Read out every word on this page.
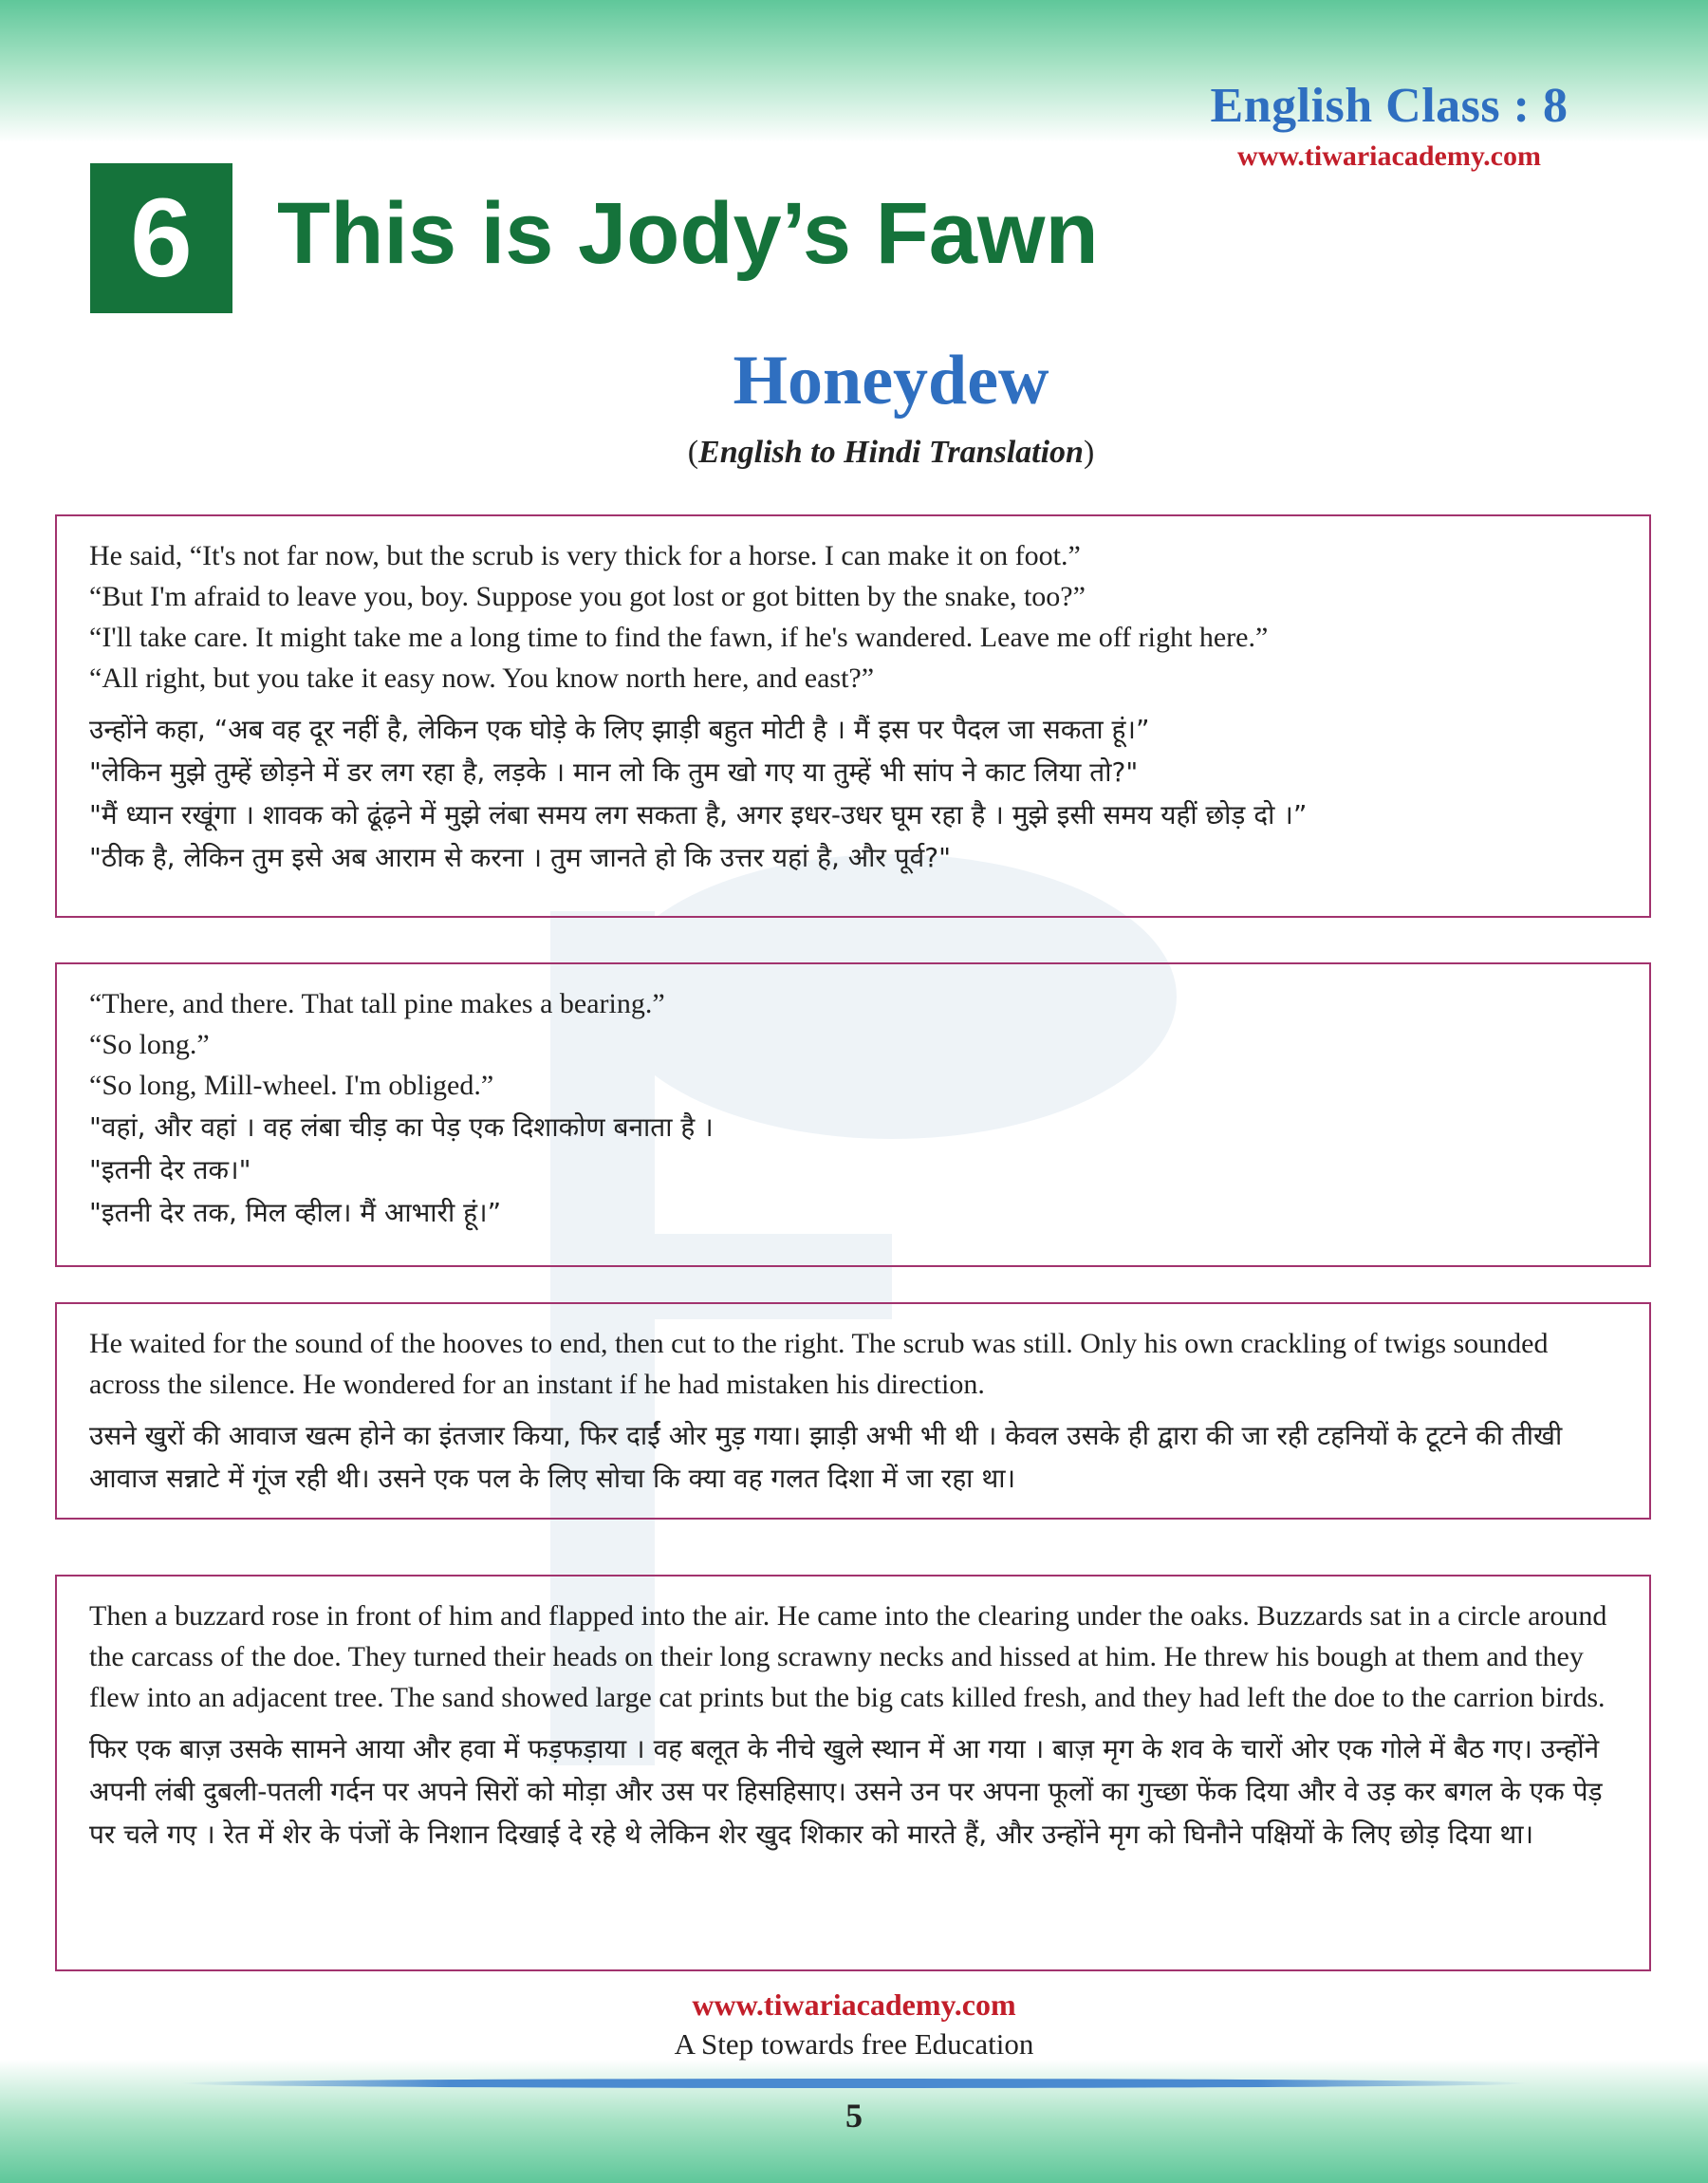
English Class : 8
www.tiwariacademy.com
6 This is Jody’s Fawn
Honeydew
(English to Hindi Translation)

He said, “It's not far now, but the scrub is very thick for a horse. I can make it on foot.”

“But I'm afraid to leave you, boy. Suppose you got lost or got bitten by the snake, too?”

“I'll take care. It might take me a long time to find the fawn, if he's wandered. Leave me off right here.”

“All right, but you take it easy now. You know north here, and east?”

उन्होंने कहा, “अब वह दूर नहीं है, लेकिन एक घोड़े के लिए झाड़ी बहुत मोटी है । मैं इस पर पैदल जा सकता हूं।”

"लेकिन मुझे तुम्हें छोड़ने में डर लग रहा है, लड़के । मान लो कि तुम खो गए या तुम्हें भी सांप ने काट लिया तो?"

"मैं ध्यान रखूंगा । शावक को ढूंढ़ने में मुझे लंबा समय लग सकता है, अगर इधर-उधर घूम रहा है । मुझे इसी समय यहीं छोड़ दो ।”

"ठीक है, लेकिन तुम इसे अब आराम से करना । तुम जानते हो कि उत्तर यहां है, और पूर्व?"

“There, and there. That tall pine makes a bearing.”

“So long.”

“So long, Mill-wheel. I'm obliged.”

"वहां, और वहां । वह लंबा चीड़ का पेड़ एक दिशाकोण बनाता है ।

"इतनी देर तक।"

"इतनी देर तक, मिल व्हील। मैं आभारी हूं।”

He waited for the sound of the hooves to end, then cut to the right. The scrub was still. Only his own crackling of twigs sounded across the silence. He wondered for an instant if he had mistaken his direction.

उसने खुरों की आवाज खत्म होने का इंतजार किया, फिर दाईं ओर मुड़ गया। झाड़ी अभी भी थी । केवल उसके ही द्वारा की जा रही टहनियों के टूटने की तीखी आवाज सन्नाटे में गूंज रही थी। उसने एक पल के लिए सोचा कि क्या वह गलत दिशा में जा रहा था।

Then a buzzard rose in front of him and flapped into the air. He came into the clearing under the oaks. Buzzards sat in a circle around the carcass of the doe. They turned their heads on their long scrawny necks and hissed at him. He threw his bough at them and they flew into an adjacent tree. The sand showed large cat prints but the big cats killed fresh, and they had left the doe to the carrion birds.

फिर एक बाज़ उसके सामने आया और हवा में फड़फड़ाया । वह बलूत के नीचे खुले स्थान में आ गया । बाज़ मृग के शव के चारों ओर एक गोले में बैठ गए। उन्होंने अपनी लंबी दुबली-पतली गर्दन पर अपने सिरों को मोड़ा और उस पर हिसहिसाए। उसने उन पर अपना फूलों का गुच्छा फेंक दिया और वे उड़ कर बगल के एक पेड़ पर चले गए । रेत में शेर के पंजों के निशान दिखाई दे रहे थे लेकिन शेर खुद शिकार को मारते हैं, और उन्होंने मृग को घिनौने पक्षियों के लिए छोड़ दिया था।

www.tiwariacademy.com
A Step towards free Education
5
